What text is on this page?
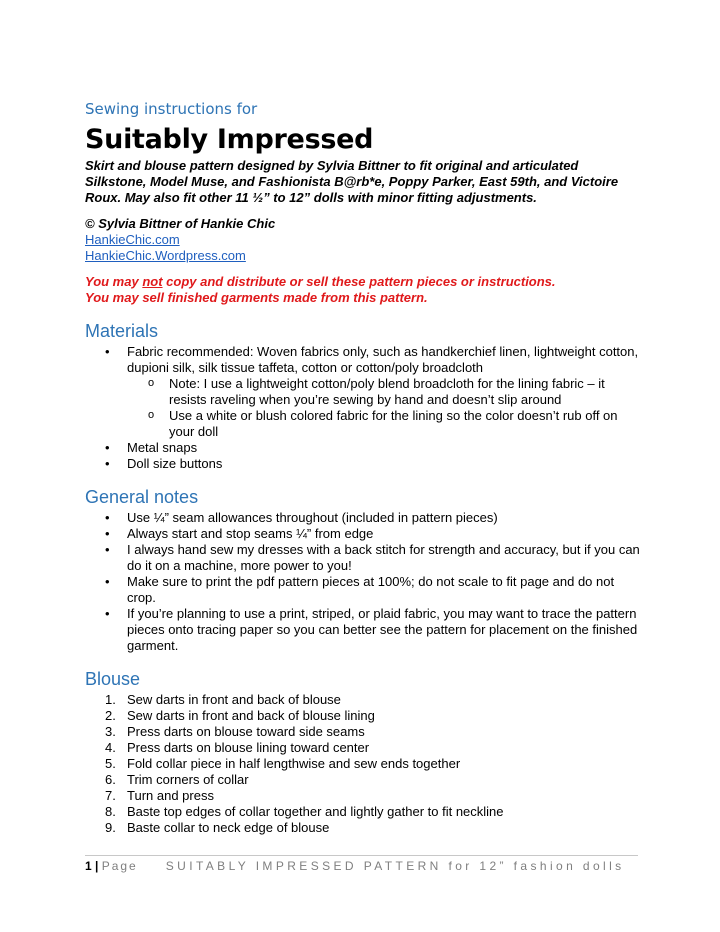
Sewing instructions for

Suitably Impressed

Skirt and blouse pattern designed by Sylvia Bittner to fit original and articulated Silkstone, Model Muse, and Fashionista B@rb*e, Poppy Parker, East 59th, and Victoire Roux. May also fit other 11 ½” to 12” dolls with minor fitting adjustments.

© Sylvia Bittner of Hankie Chic

HankieChic.com
HankieChic.Wordpress.com

You may not copy and distribute or sell these pattern pieces or instructions.
You may sell finished garments made from this pattern.

Materials
• Fabric recommended: Woven fabrics only, such as handkerchief linen, lightweight cotton, dupioni silk, silk tissue taffeta, cotton or cotton/poly broadcloth
o Note: I use a lightweight cotton/poly blend broadcloth for the lining fabric – it resists raveling when you’re sewing by hand and doesn’t slip around
o Use a white or blush colored fabric for the lining so the color doesn’t rub off on your doll
• Metal snaps
• Doll size buttons
General notes
• Use ¼” seam allowances throughout (included in pattern pieces)
• Always start and stop seams ¼” from edge
• I always hand sew my dresses with a back stitch for strength and accuracy, but if you can do it on a machine, more power to you!
• Make sure to print the pdf pattern pieces at 100%; do not scale to fit page and do not crop.
• If you’re planning to use a print, striped, or plaid fabric, you may want to trace the pattern pieces onto tracing paper so you can better see the pattern for placement on the finished garment.
Blouse
1. Sew darts in front and back of blouse
2. Sew darts in front and back of blouse lining
3. Press darts on blouse toward side seams
4. Press darts on blouse lining toward center
5. Fold collar piece in half lengthwise and sew ends together
6. Trim corners of collar
7. Turn and press
8. Baste top edges of collar together and lightly gather to fit neckline
9. Baste collar to neck edge of blouse
1 | Page SUITABLY IMPRESSED PATTERN for 12” fashion dolls
